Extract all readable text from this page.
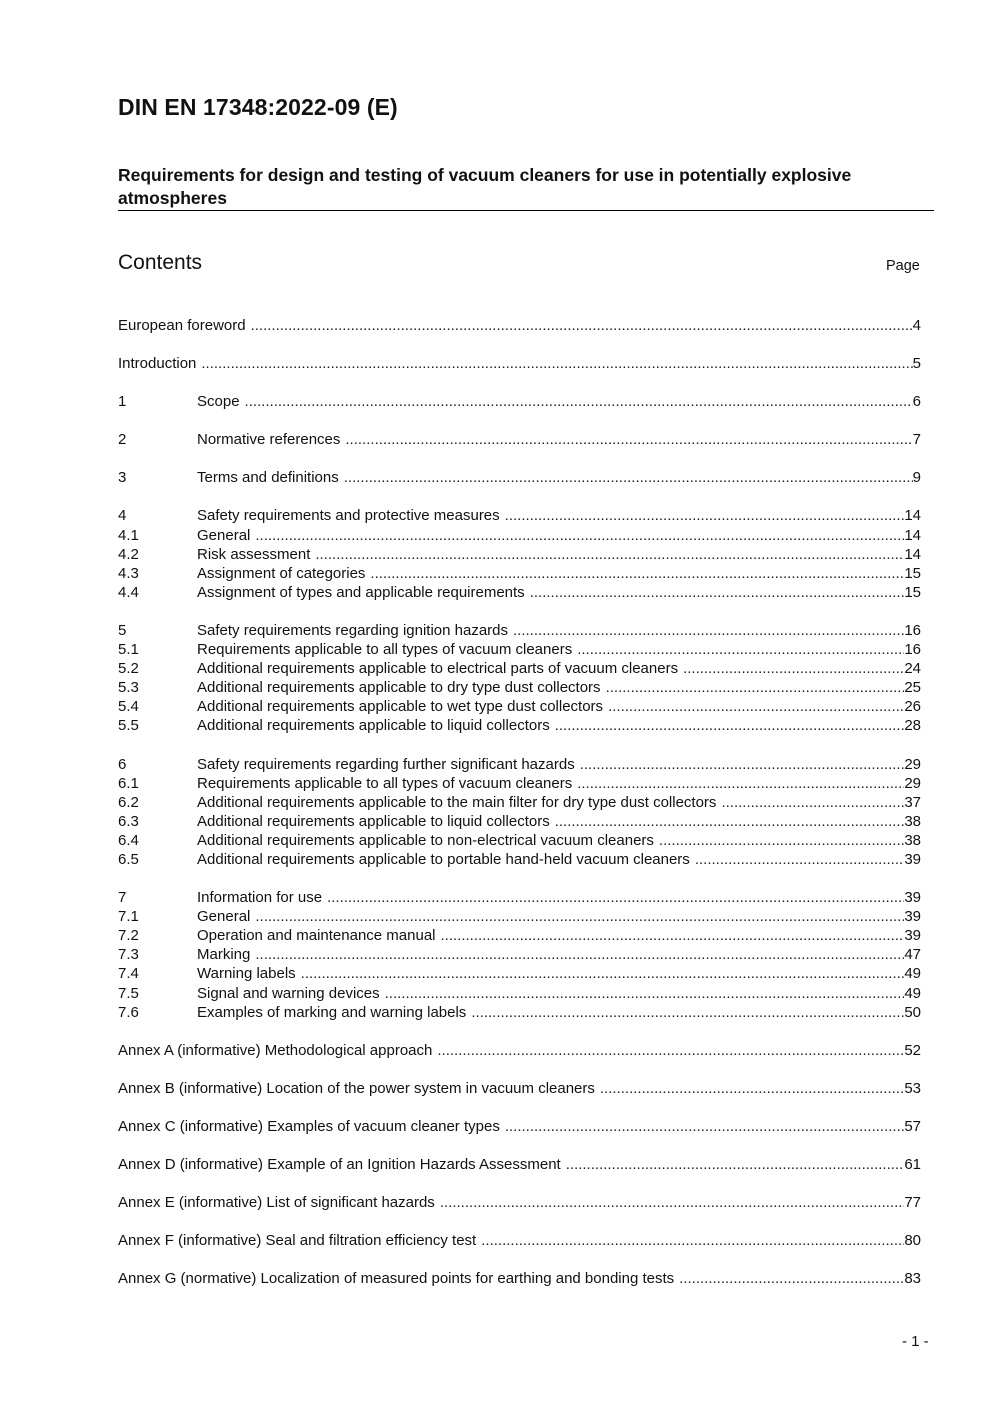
DIN EN 17348:2022-09 (E)
Requirements for design and testing of vacuum cleaners for use in potentially explosive atmospheres
Contents	Page
European foreword .....	4
Introduction .....	5
1	Scope .....	6
2	Normative references .....	7
3	Terms and definitions .....	9
4	Safety requirements and protective measures .....	14
4.1	General .....	14
4.2	Risk assessment .....	14
4.3	Assignment of categories .....	15
4.4	Assignment of types and applicable requirements .....	15
5	Safety requirements regarding ignition hazards .....	16
5.1	Requirements applicable to all types of vacuum cleaners .....	16
5.2	Additional requirements applicable to electrical parts of vacuum cleaners .....	24
5.3	Additional requirements applicable to dry type dust collectors .....	25
5.4	Additional requirements applicable to wet type dust collectors .....	26
5.5	Additional requirements applicable to liquid collectors .....	28
6	Safety requirements regarding further significant hazards .....	29
6.1	Requirements applicable to all types of vacuum cleaners .....	29
6.2	Additional requirements applicable to the main filter for dry type dust collectors .....	37
6.3	Additional requirements applicable to liquid collectors .....	38
6.4	Additional requirements applicable to non-electrical vacuum cleaners .....	38
6.5	Additional requirements applicable to portable hand-held vacuum cleaners .....	39
7	Information for use .....	39
7.1	General .....	39
7.2	Operation and maintenance manual .....	39
7.3	Marking .....	47
7.4	Warning labels .....	49
7.5	Signal and warning devices .....	49
7.6	Examples of marking and warning labels .....	50
Annex A (informative) Methodological approach .....	52
Annex B (informative) Location of the power system in vacuum cleaners .....	53
Annex C (informative) Examples of vacuum cleaner types .....	57
Annex D (informative) Example of an Ignition Hazards Assessment .....	61
Annex E (informative) List of significant hazards .....	77
Annex F (informative) Seal and filtration efficiency test .....	80
Annex G (normative) Localization of measured points for earthing and bonding tests .....	83
- 1 -
